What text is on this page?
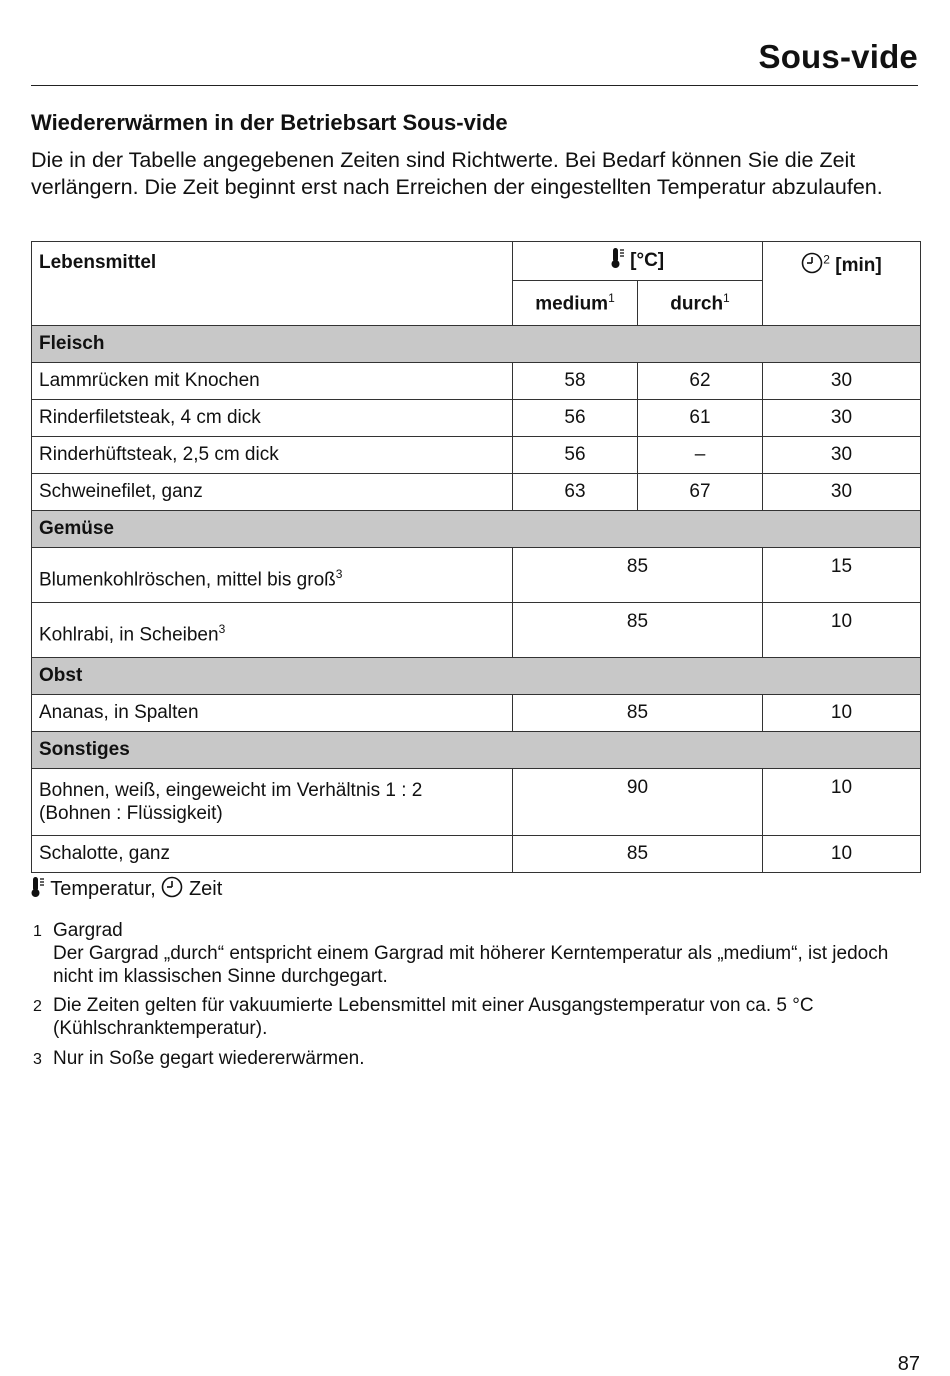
Sous-vide
Wiedererwärmen in der Betriebsart Sous-vide
Die in der Tabelle angegebenen Zeiten sind Richtwerte. Bei Bedarf können Sie die Zeit verlängern. Die Zeit beginnt erst nach Erreichen der eingestellten Temperatur abzulaufen.
Lebensmittel	[°C]		$^2$ [min]
	medium$^1$	durch$^1$
Fleisch			
Lammrücken mit Knochen	58	62	30
Rinderfiletsteak, 4 cm dick	56	61	30
Rinderhüftsteak, 2,5 cm dick	56	–	30
Schweinefilet, ganz	63	67	30
Gemüse			
Blumenkohlröschen, mittel bis groß$^3$	85		15
Kohlrabi, in Scheiben$^3$	85		10
Obst			
Ananas, in Spalten	85		10
Sonstiges			

Bohnen, weiß, eingeweicht im Verhältnis 1 : 2
(Bohnen : Flüssigkeit)	90		10
Schalotte, ganz	85		10
Temperatur, Zeit
1 Gargrad
Der Gargrad „durch“ entspricht einem Gargrad mit höherer Kerntemperatur als „medium“, ist jedoch nicht im klassischen Sinne durchgegart.
2 Die Zeiten gelten für vakuumierte Lebensmittel mit einer Ausgangstemperatur von ca. 5 °C (Kühlschranktemperatur).
3 Nur in Soße gegart wiedererwärmen.
87
